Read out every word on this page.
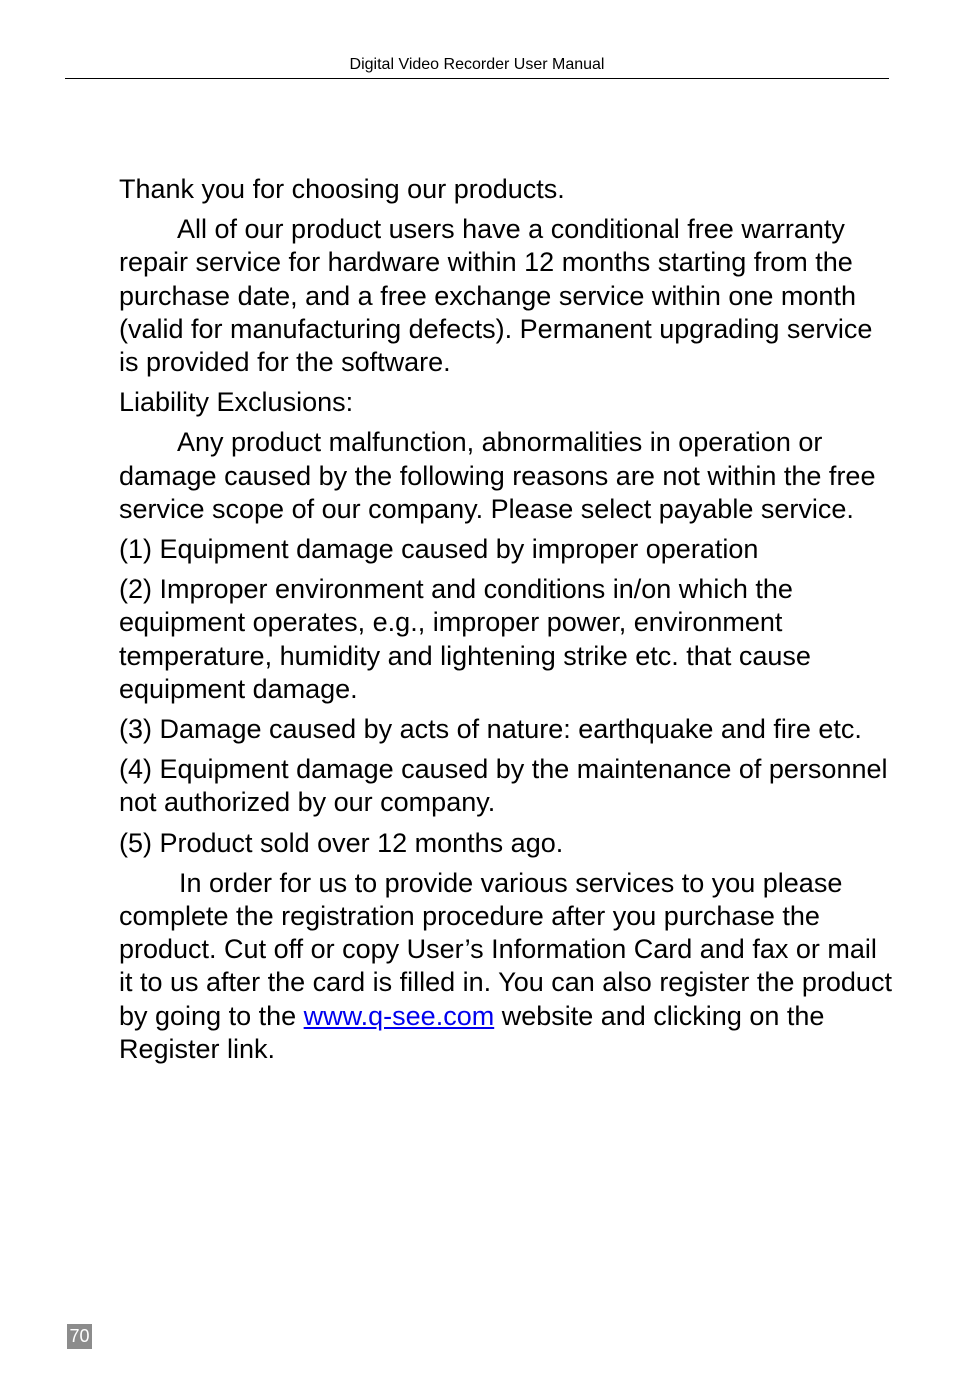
Digital Video Recorder User Manual

Thank you for choosing our products.

All of our product users have a conditional free warranty repair service for hardware within 12 months starting from the purchase date, and a free exchange service within one month (valid for manufacturing defects). Permanent upgrading service is provided for the software.

Liability Exclusions:

Any product malfunction, abnormalities in operation or damage caused by the following reasons are not within the free service scope of our company. Please select payable service.

(1) Equipment damage caused by improper operation

(2) Improper environment and conditions in/on which the equipment operates, e.g., improper power, environment temperature, humidity and lightening strike etc. that cause equipment damage.

(3) Damage caused by acts of nature: earthquake and fire etc.

(4) Equipment damage caused by the maintenance of personnel not authorized by our company.

(5) Product sold over 12 months ago.

In order for us to provide various services to you please complete the registration procedure after you purchase the product. Cut off or copy User’s Information Card and fax or mail it to us after the card is filled in. You can also register the product by going to the www.q-see.com website and clicking on the Register link.

70
